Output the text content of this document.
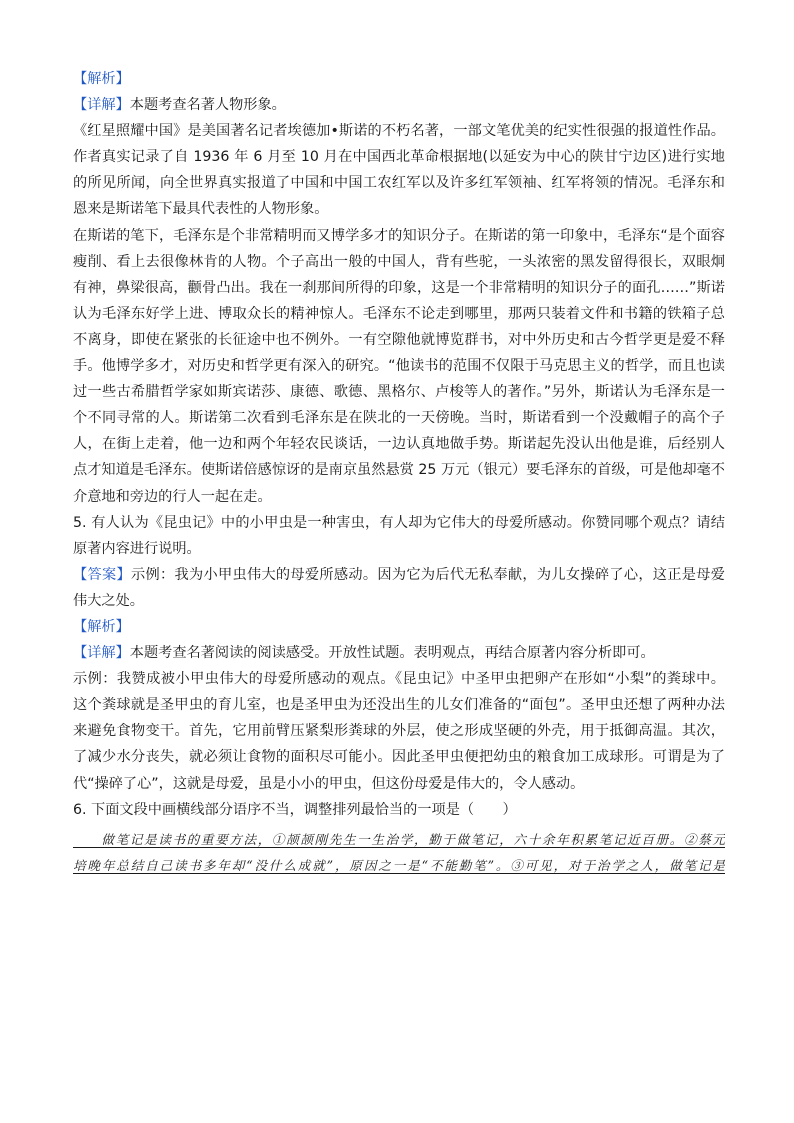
【解析】
【详解】本题考查名著人物形象。
《红星照耀中国》是美国著名记者埃德加•斯诺的不朽名著，一部文笔优美的纪实性很强的报道性作品。
作者真实记录了自 1936 年 6 月至 10 月在中国西北革命根据地(以延安为中心的陕甘宁边区)进行实地
的所见所闻，向全世界真实报道了中国和中国工农红军以及许多红军领袖、红军将领的情况。毛泽东和
恩来是斯诺笔下最具代表性的人物形象。
在斯诺的笔下，毛泽东是个非常精明而又博学多才的知识分子。在斯诺的第一印象中，毛泽东“是个面容
瘦削、看上去很像林肯的人物。个子高出一般的中国人，背有些驼，一头浓密的黑发留得很长，双眼炯
有神，鼻梁很高，颧骨凸出。我在一刹那间所得的印象，这是一个非常精明的知识分子的面孔……”斯诺
认为毛泽东好学上进、博取众长的精神惊人。毛泽东不论走到哪里，那两只装着文件和书籍的铁箱子总
不离身，即使在紧张的长征途中也不例外。一有空隙他就博览群书，对中外历史和古今哲学更是爱不释
手。他博学多才，对历史和哲学更有深入的研究。“他读书的范围不仅限于马克思主义的哲学，而且也读
过一些古希腊哲学家如斯宾诺莎、康德、歌德、黑格尔、卢梭等人的著作。”另外，斯诺认为毛泽东是一
个不同寻常的人。斯诺第二次看到毛泽东是在陕北的一天傍晚。当时，斯诺看到一个没戴帽子的高个子
人，在街上走着，他一边和两个年轻农民谈话，一边认真地做手势。斯诺起先没认出他是谁，后经别人
点才知道是毛泽东。使斯诺倍感惊讶的是南京虽然悬赏 25 万元（银元）要毛泽东的首级，可是他却毫不
介意地和旁边的行人一起在走。
5. 有人认为《昆虫记》中的小甲虫是一种害虫，有人却为它伟大的母爱所感动。你赞同哪个观点？请结
原著内容进行说明。
【答案】示例：我为小甲虫伟大的母爱所感动。因为它为后代无私奉献，为儿女操碎了心，这正是母爱
伟大之处。
【解析】
【详解】本题考查名著阅读的阅读感受。开放性试题。表明观点，再结合原著内容分析即可。
示例：我赞成被小甲虫伟大的母爱所感动的观点。《昆虫记》中圣甲虫把卵产在形如“小梨”的粪球中。
这个粪球就是圣甲虫的育儿室，也是圣甲虫为还没出生的儿女们准备的“面包”。圣甲虫还想了两种办法
来避免食物变干。首先，它用前臂压紧梨形粪球的外层，使之形成坚硬的外壳，用于抵御高温。其次，
了减少水分丧失，就必须让食物的面积尽可能小。因此圣甲虫便把幼虫的粮食加工成球形。可谓是为了
代“操碎了心”，这就是母爱，虽是小小的甲虫，但这份母爱是伟大的，令人感动。
6. 下面文段中画横线部分语序不当，调整排列最恰当的一项是（　　）
　　做笔记是读书的重要方法，①颉颉刚先生一生治学，勤于做笔记，六十余年积累笔记近百册。②蔡元
培晚年总结自己读书多年却“没什么成就”，原因之一是“不能勤笔”。③可见，对于治学之人，做笔记是
